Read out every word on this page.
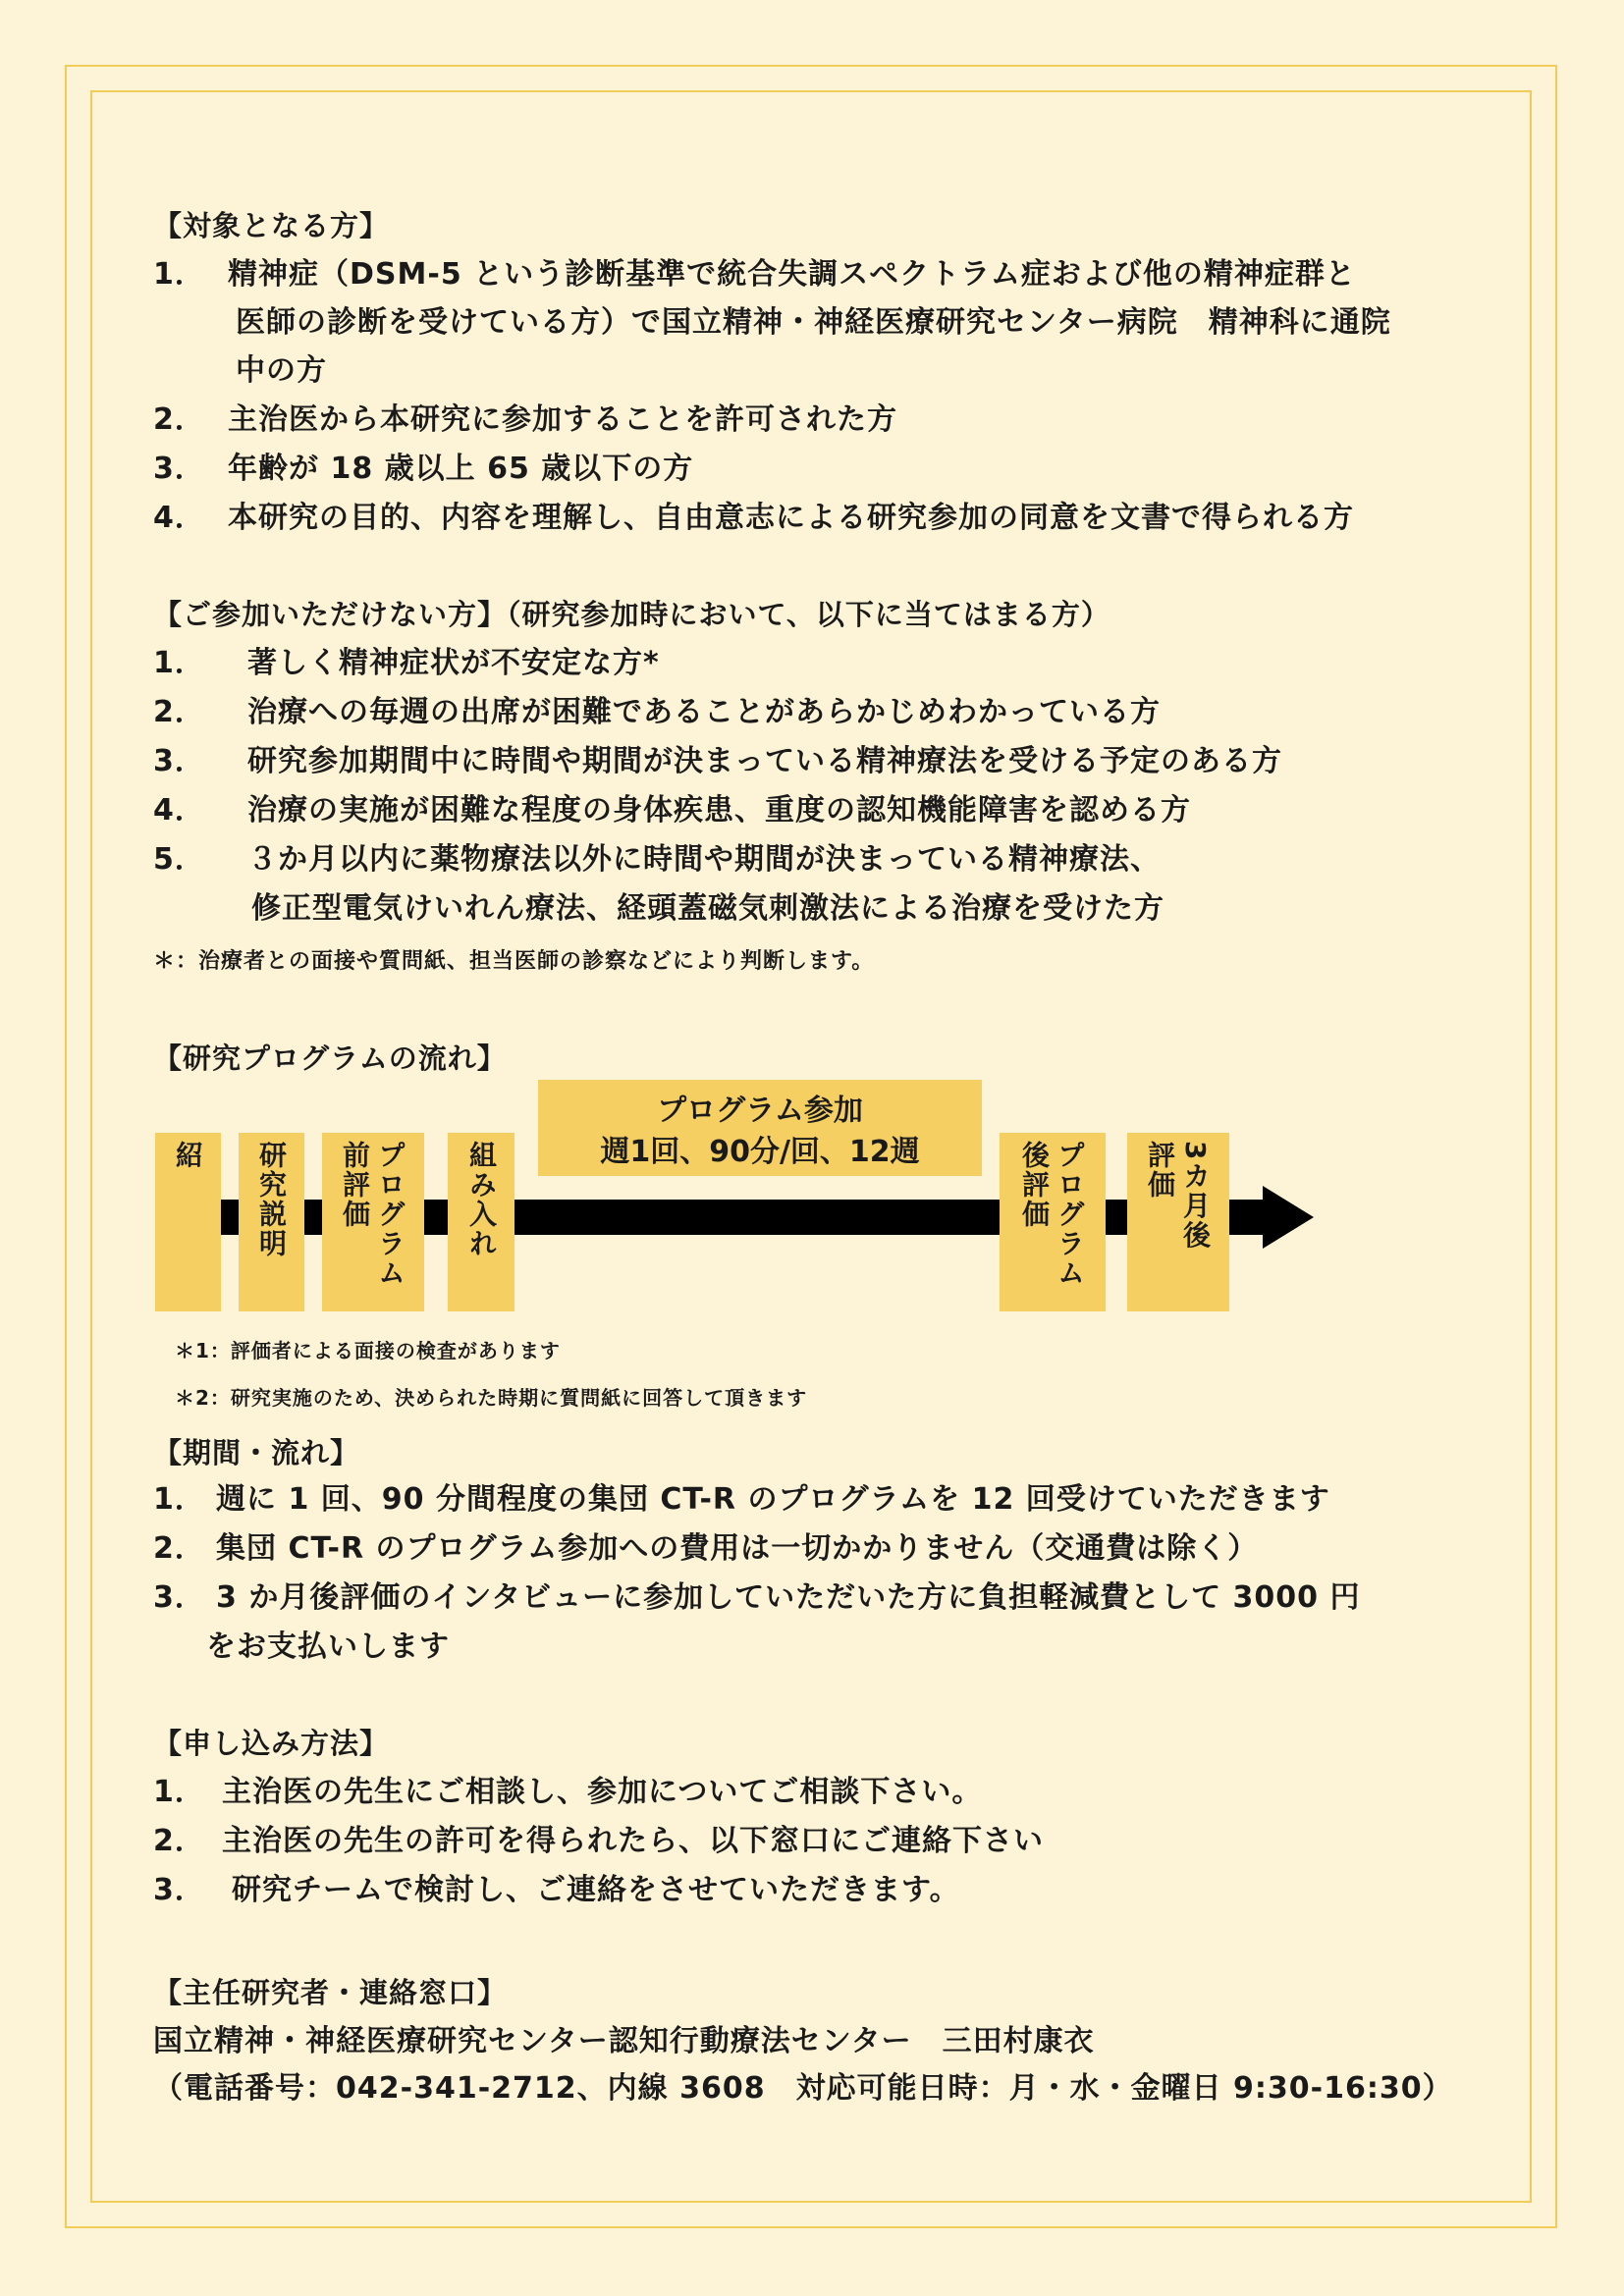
【対象となる方】
1． 精神症（DSM-5 という診断基準で統合失調スペクトラム症および他の精神症群と
医師の診断を受けている方）で国立精神・神経医療研究センター病院　精神科に通院
中の方
2． 主治医から本研究に参加することを許可された方
3． 年齢が 18 歳以上 65 歳以下の方
4． 本研究の目的、内容を理解し、自由意志による研究参加の同意を文書で得られる方
【ご参加いただけない方】（研究参加時において、以下に当てはまる方）
1． 著しく精神症状が不安定な方*
2． 治療への毎週の出席が困難であることがあらかじめわかっている方
3． 研究参加期間中に時間や期間が決まっている精神療法を受ける予定のある方
4． 治療の実施が困難な程度の身体疾患、重度の認知機能障害を認める方
5． ３か月以内に薬物療法以外に時間や期間が決まっている精神療法、
修正型電気けいれん療法、経頭蓋磁気刺激法による治療を受けた方
＊：治療者との面接や質問紙、担当医師の診察などにより判断します。
【研究プログラムの流れ】
プログラム参加
週1回、90分/回、12週
紹 研究説明	プログラム
前評価	組み入れ	プログラム
後評価	3カ月後
評価
＊1：評価者による面接の検査があります
＊2：研究実施のため、決められた時期に質問紙に回答して頂きます
【期間・流れ】
1． 週に 1 回、90 分間程度の集団 CT-R のプログラムを 12 回受けていただきます
2． 集団 CT-R のプログラム参加への費用は一切かかりません（交通費は除く）
3． 3 か月後評価のインタビューに参加していただいた方に負担軽減費として 3000 円
をお支払いします
【申し込み方法】
1． 主治医の先生にご相談し、参加についてご相談下さい。
2． 主治医の先生の許可を得られたら、以下窓口にご連絡下さい
3． 研究チームで検討し、ご連絡をさせていただきます。
【主任研究者・連絡窓口】
国立精神・神経医療研究センター認知行動療法センター　三田村康衣
（電話番号：042-341-2712、内線 3608　対応可能日時：月・水・金曜日 9:30-16:30）
